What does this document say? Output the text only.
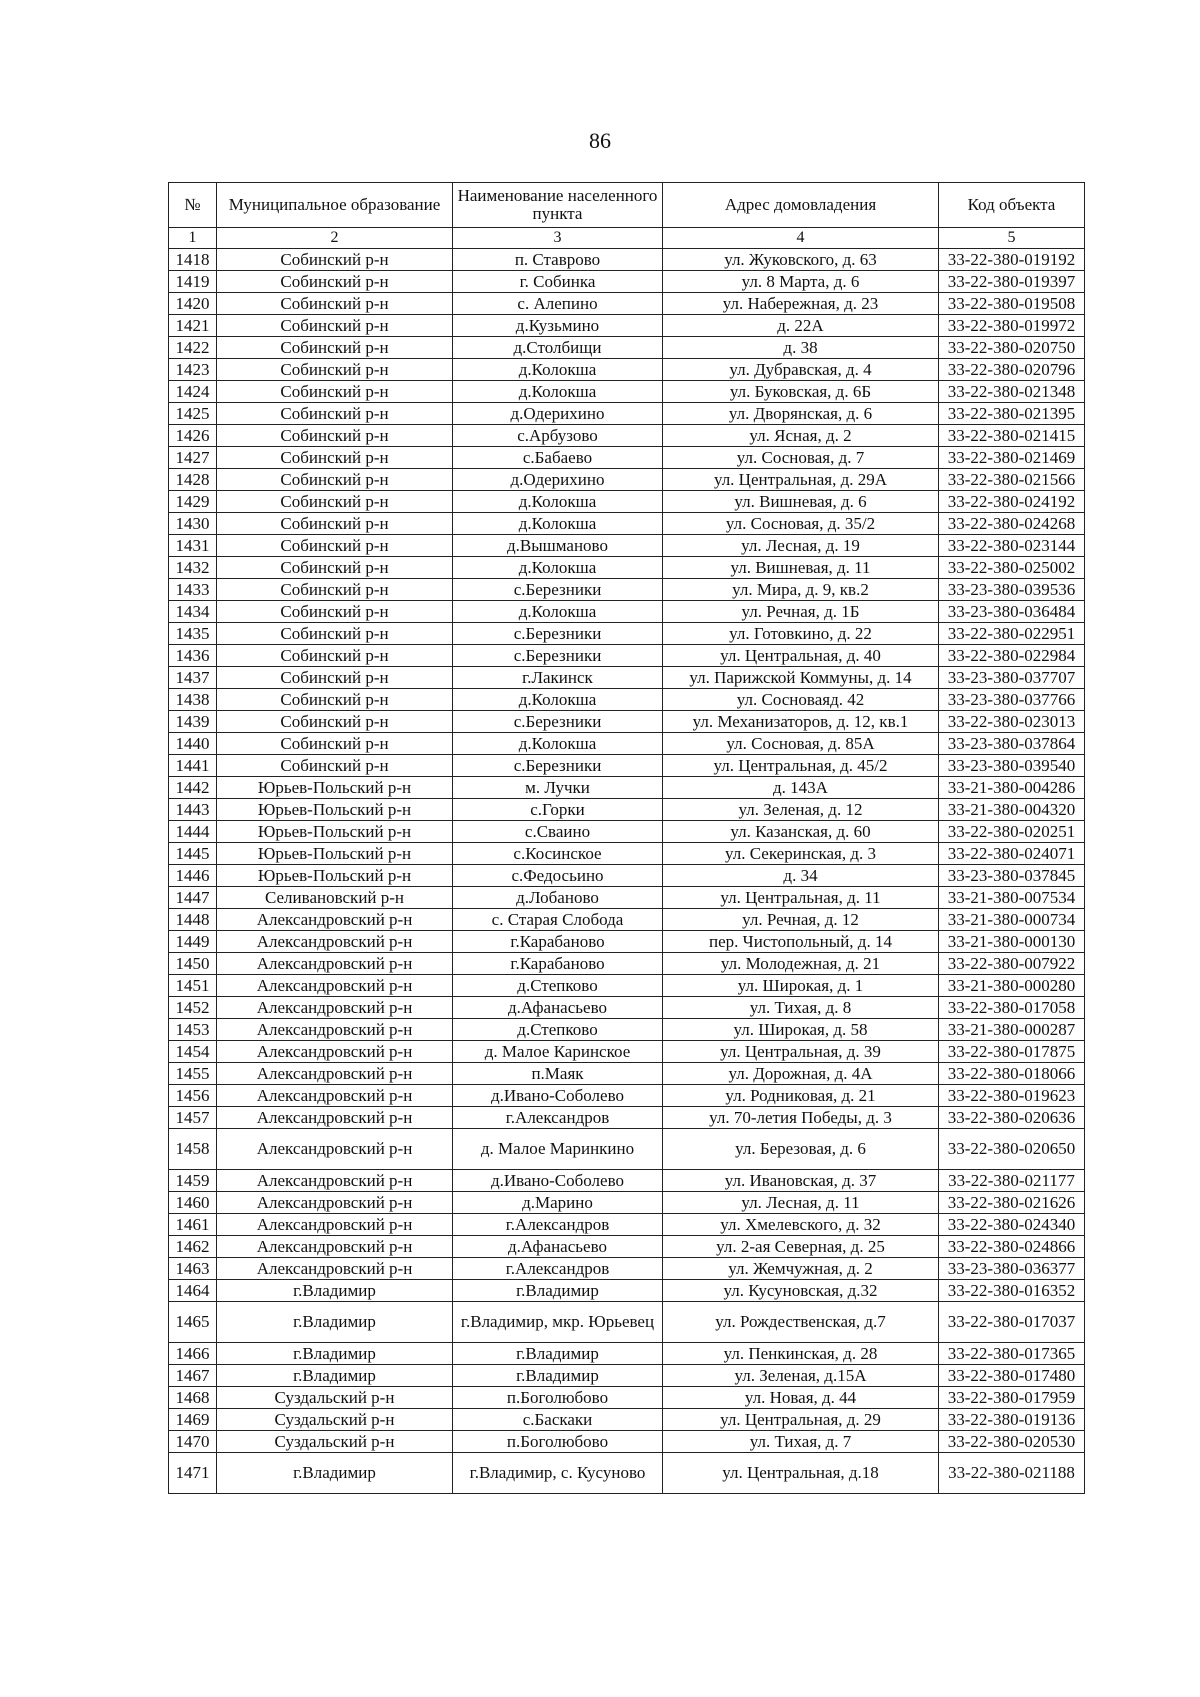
86
№	Муниципальное образование	Наименование населенного пункта	Адрес домовладения	Код объекта
1	2	3	4	5
1418	Собинский р-н	п. Ставрово	ул. Жуковского, д. 63	33-22-380-019192
1419	Собинский р-н	г. Собинка	ул. 8 Марта, д. 6	33-22-380-019397
1420	Собинский р-н	с. Алепино	ул. Набережная, д. 23	33-22-380-019508
1421	Собинский р-н	д.Кузьмино	д. 22А	33-22-380-019972
1422	Собинский р-н	д.Столбищи	д. 38	33-22-380-020750
1423	Собинский р-н	д.Колокша	ул. Дубравская, д. 4	33-22-380-020796
1424	Собинский р-н	д.Колокша	ул. Буковская, д. 6Б	33-22-380-021348
1425	Собинский р-н	д.Одерихино	ул. Дворянская, д. 6	33-22-380-021395
1426	Собинский р-н	с.Арбузово	ул. Ясная, д. 2	33-22-380-021415
1427	Собинский р-н	с.Бабаево	ул. Сосновая, д. 7	33-22-380-021469
1428	Собинский р-н	д.Одерихино	ул. Центральная, д. 29А	33-22-380-021566
1429	Собинский р-н	д.Колокша	ул. Вишневая, д. 6	33-22-380-024192
1430	Собинский р-н	д.Колокша	ул. Сосновая, д. 35/2	33-22-380-024268
1431	Собинский р-н	д.Вышманово	ул. Лесная, д. 19	33-22-380-023144
1432	Собинский р-н	д.Колокша	ул. Вишневая, д. 11	33-22-380-025002
1433	Собинский р-н	с.Березники	ул. Мира, д. 9, кв.2	33-23-380-039536
1434	Собинский р-н	д.Колокша	ул. Речная, д. 1Б	33-23-380-036484
1435	Собинский р-н	с.Березники	ул. Готовкино, д. 22	33-22-380-022951
1436	Собинский р-н	с.Березники	ул. Центральная, д. 40	33-22-380-022984
1437	Собинский р-н	г.Лакинск	ул. Парижской Коммуны, д. 14	33-23-380-037707
1438	Собинский р-н	д.Колокша	ул. Сосноваяд. 42	33-23-380-037766
1439	Собинский р-н	с.Березники	ул. Механизаторов, д. 12, кв.1	33-22-380-023013
1440	Собинский р-н	д.Колокша	ул. Сосновая, д. 85А	33-23-380-037864
1441	Собинский р-н	с.Березники	ул. Центральная, д. 45/2	33-23-380-039540
1442	Юрьев-Польский р-н	м. Лучки	д. 143А	33-21-380-004286
1443	Юрьев-Польский р-н	с.Горки	ул. Зеленая, д. 12	33-21-380-004320
1444	Юрьев-Польский р-н	с.Сваино	ул. Казанская, д. 60	33-22-380-020251
1445	Юрьев-Польский р-н	с.Косинское	ул. Секеринская, д. 3	33-22-380-024071
1446	Юрьев-Польский р-н	с.Федосьино	д. 34	33-23-380-037845
1447	Селивановский р-н	д.Лобаново	ул. Центральная, д. 11	33-21-380-007534
1448	Александровский р-н	с. Старая Слобода	ул. Речная, д. 12	33-21-380-000734
1449	Александровский р-н	г.Карабаново	пер. Чистопольный, д. 14	33-21-380-000130
1450	Александровский р-н	г.Карабаново	ул. Молодежная, д. 21	33-22-380-007922
1451	Александровский р-н	д.Степково	ул. Широкая, д. 1	33-21-380-000280
1452	Александровский р-н	д.Афанасьево	ул. Тихая, д. 8	33-22-380-017058
1453	Александровский р-н	д.Степково	ул. Широкая, д. 58	33-21-380-000287
1454	Александровский р-н	д. Малое Каринское	ул. Центральная, д. 39	33-22-380-017875
1455	Александровский р-н	п.Маяк	ул. Дорожная, д. 4А	33-22-380-018066
1456	Александровский р-н	д.Ивано-Соболево	ул. Родниковая, д. 21	33-22-380-019623
1457	Александровский р-н	г.Александров	ул. 70-летия Победы, д. 3	33-22-380-020636
1458	Александровский р-н	д. Малое Маринкино	ул. Березовая, д. 6	33-22-380-020650
1459	Александровский р-н	д.Ивано-Соболево	ул. Ивановская, д. 37	33-22-380-021177
1460	Александровский р-н	д.Марино	ул. Лесная, д. 11	33-22-380-021626
1461	Александровский р-н	г.Александров	ул. Хмелевского, д. 32	33-22-380-024340
1462	Александровский р-н	д.Афанасьево	ул. 2-ая Северная, д. 25	33-22-380-024866
1463	Александровский р-н	г.Александров	ул. Жемчужная, д. 2	33-23-380-036377
1464	г.Владимир	г.Владимир	ул. Кусуновская, д.32	33-22-380-016352
1465	г.Владимир	г.Владимир, мкр. Юрьевец	ул. Рождественская, д.7	33-22-380-017037
1466	г.Владимир	г.Владимир	ул. Пенкинская, д. 28	33-22-380-017365
1467	г.Владимир	г.Владимир	ул. Зеленая, д.15А	33-22-380-017480
1468	Суздальский р-н	п.Боголюбово	ул. Новая, д. 44	33-22-380-017959
1469	Суздальский р-н	с.Баскаки	ул. Центральная, д. 29	33-22-380-019136
1470	Суздальский р-н	п.Боголюбово	ул. Тихая, д. 7	33-22-380-020530
1471	г.Владимир	г.Владимир, с. Кусуново	ул. Центральная, д.18	33-22-380-021188
